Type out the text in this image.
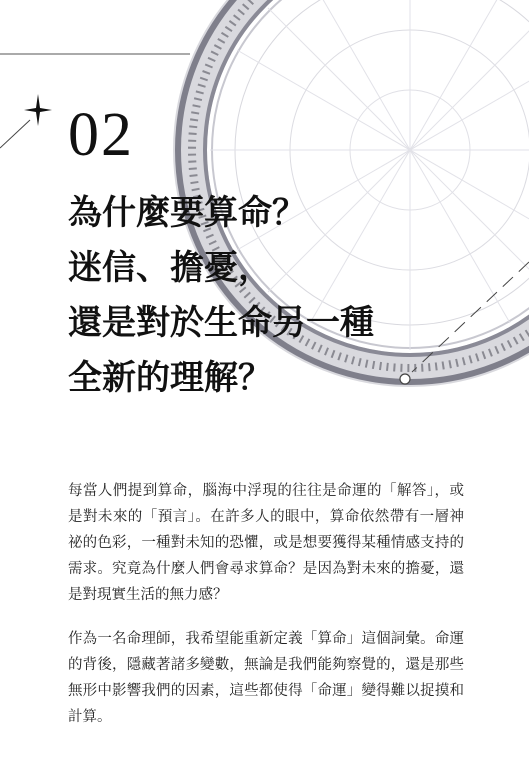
02
為什麼要算命？
迷信、擔憂，
還是對於生命另一種
全新的理解？

每當人們提到算命，腦海中浮現的往往是命運的「解答」，或是對未來的「預言」。在許多人的眼中，算命依然帶有一層神祕的色彩，一種對未知的恐懼，或是想要獲得某種情感支持的需求。究竟為什麼人們會尋求算命？是因為對未來的擔憂，還是對現實生活的無力感？

作為一名命理師，我希望能重新定義「算命」這個詞彙。命運的背後，隱藏著諸多變數，無論是我們能夠察覺的，還是那些無形中影響我們的因素，這些都使得「命運」變得難以捉摸和計算。
